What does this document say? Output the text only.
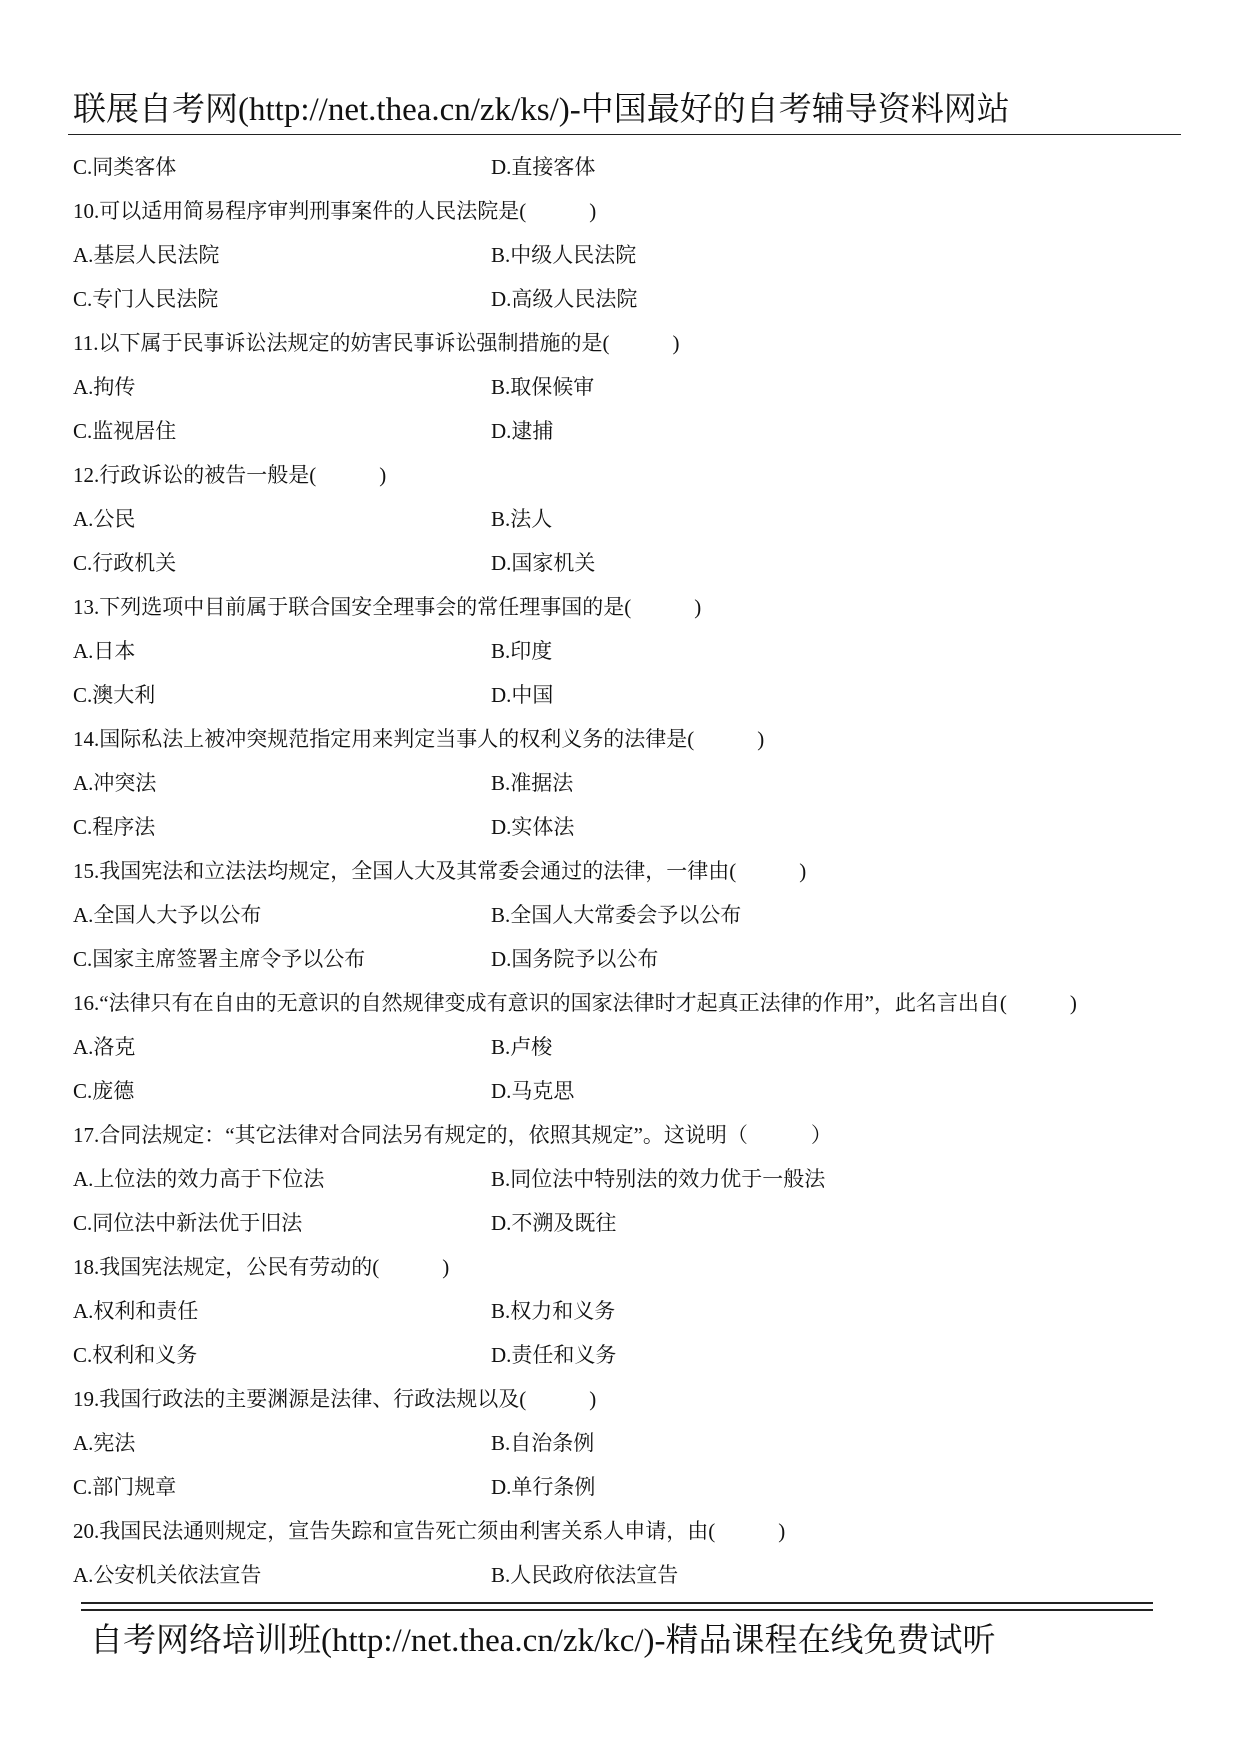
联展自考网(http://net.thea.cn/zk/ks/)-中国最好的自考辅导资料网站
C.同类客体	D.直接客体
10.可以适用简易程序审判刑事案件的人民法院是(　　　)
A.基层人民法院	B.中级人民法院
C.专门人民法院	D.高级人民法院
11.以下属于民事诉讼法规定的妨害民事诉讼强制措施的是(　　　)
A.拘传	B.取保候审
C.监视居住	D.逮捕
12.行政诉讼的被告一般是(　　　)
A.公民	B.法人
C.行政机关	D.国家机关
13.下列选项中目前属于联合国安全理事会的常任理事国的是(　　　)
A.日本	B.印度
C.澳大利	D.中国
14.国际私法上被冲突规范指定用来判定当事人的权利义务的法律是(　　　)
A.冲突法	B.准据法
C.程序法	D.实体法
15.我国宪法和立法法均规定，全国人大及其常委会通过的法律，一律由(　　　)
A.全国人大予以公布	B.全国人大常委会予以公布
C.国家主席签署主席令予以公布	D.国务院予以公布
16.“法律只有在自由的无意识的自然规律变成有意识的国家法律时才起真正法律的作用”，此名言出自(　　　)
A.洛克	B.卢梭
C.庞德	D.马克思
17.合同法规定：“其它法律对合同法另有规定的，依照其规定”。这说明（　　　）
A.上位法的效力高于下位法	B.同位法中特别法的效力优于一般法
C.同位法中新法优于旧法	D.不溯及既往
18.我国宪法规定，公民有劳动的(　　　)
A.权利和责任	B.权力和义务
C.权利和义务	D.责任和义务
19.我国行政法的主要渊源是法律、行政法规以及(　　　)
A.宪法	B.自治条例
C.部门规章	D.单行条例
20.我国民法通则规定，宣告失踪和宣告死亡须由利害关系人申请，由(　　　)
A.公安机关依法宣告	B.人民政府依法宣告
自考网络培训班(http://net.thea.cn/zk/kc/)-精品课程在线免费试听
